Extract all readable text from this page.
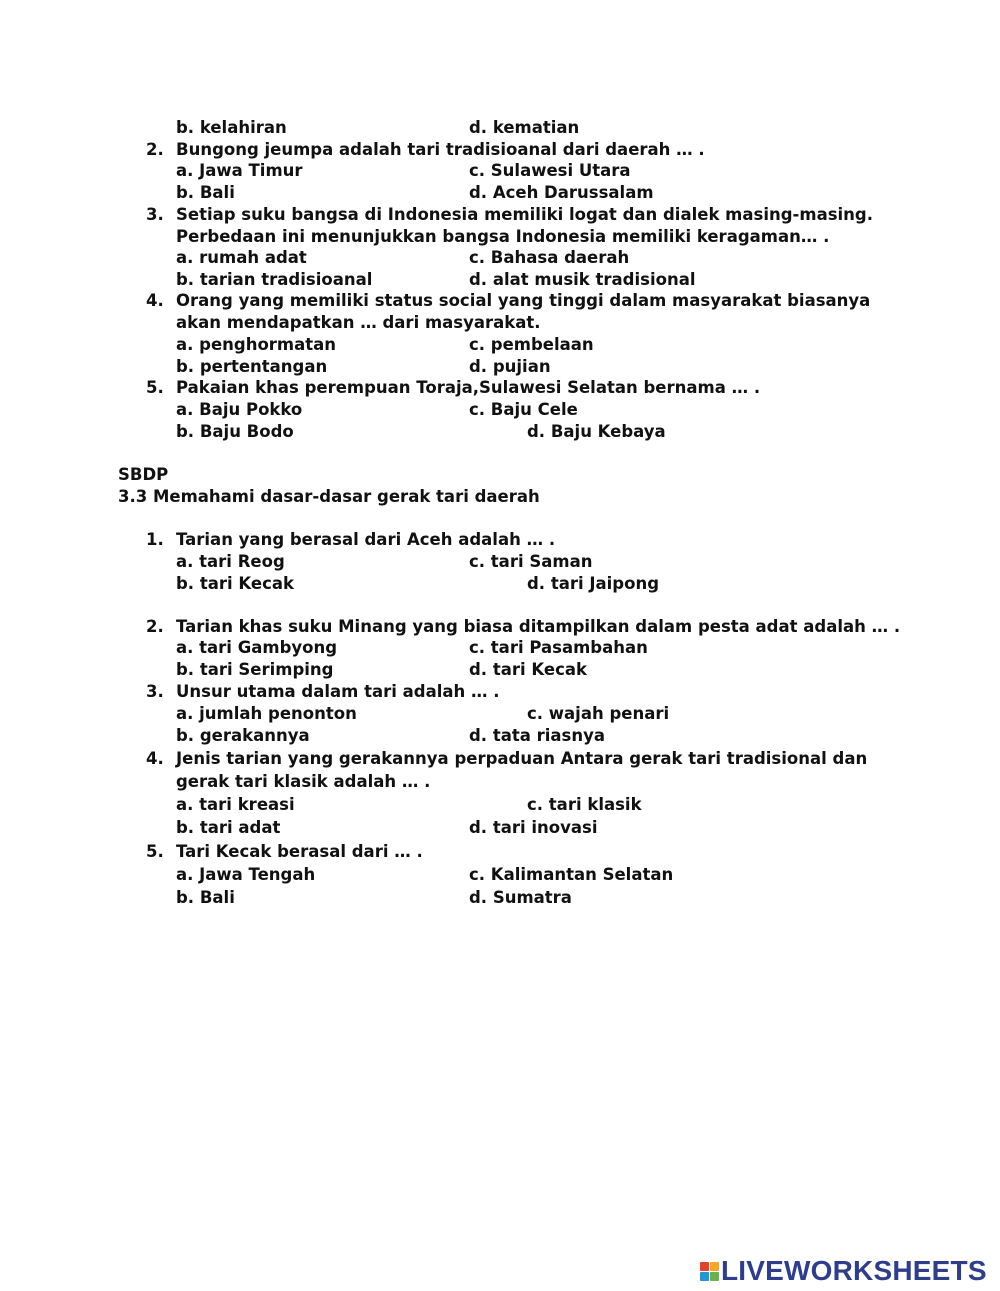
b. kelahiran	d. kematian
2. Bungong jeumpa adalah tari tradisioanal dari daerah … .
a. Jawa Timur	c. Sulawesi Utara
b. Bali	d. Aceh Darussalam
3. Setiap suku bangsa di Indonesia memiliki logat dan dialek masing-masing.
Perbedaan ini menunjukkan bangsa Indonesia memiliki keragaman… .
a. rumah adat	c. Bahasa daerah
b. tarian tradisioanal	d. alat musik tradisional
4. Orang yang memiliki status social yang tinggi dalam masyarakat biasanya
akan mendapatkan … dari masyarakat.
a. penghormatan	c. pembelaan
b. pertentangan	d. pujian
5. Pakaian khas perempuan Toraja,Sulawesi Selatan bernama … .
a. Baju Pokko	c. Baju Cele
b. Baju Bodo	d. Baju Kebaya
SBDP
3.3 Memahami dasar-dasar gerak tari daerah
1. Tarian yang berasal dari Aceh adalah … .
a. tari Reog	c. tari Saman
b. tari Kecak	d. tari Jaipong
2. Tarian khas suku Minang yang biasa ditampilkan dalam pesta adat adalah … .
a. tari Gambyong	c. tari Pasambahan
b. tari Serimping	d. tari Kecak
3. Unsur utama dalam tari adalah … .
a. jumlah penonton	c. wajah penari
b. gerakannya	d. tata riasnya
4. Jenis tarian yang gerakannya perpaduan Antara gerak tari tradisional dan
gerak tari klasik adalah … .
a. tari kreasi	c. tari klasik
b. tari adat	d. tari inovasi
5. Tari Kecak berasal dari … .
a. Jawa Tengah	c. Kalimantan Selatan
b. Bali	d. Sumatra
LIVEWORKSHEETS
